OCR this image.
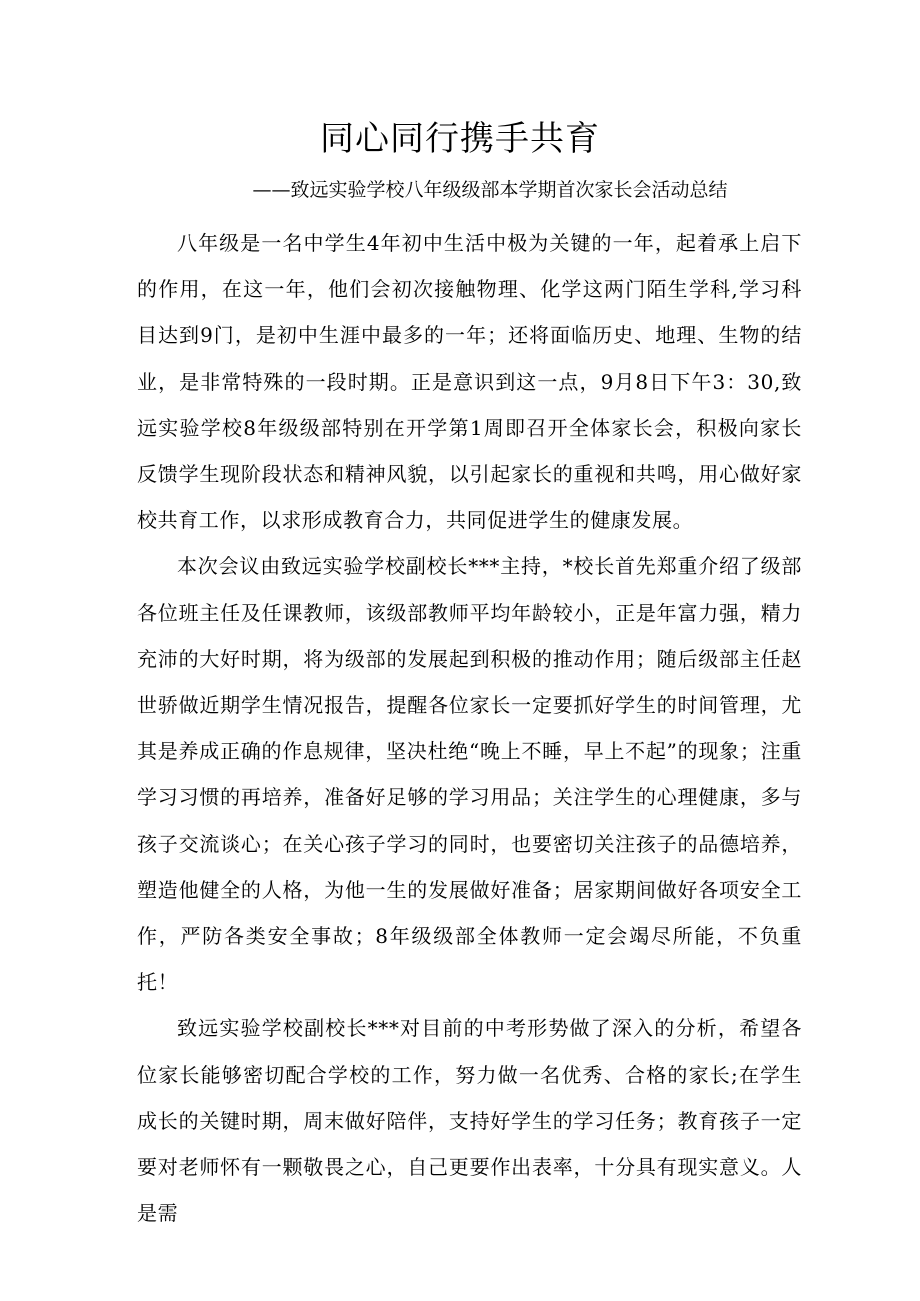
同心同行携手共育

——致远实验学校八年级级部本学期首次家长会活动总结

八年级是一名中学生4年初中生活中极为关键的一年，起着承上启下的作用，在这一年，他们会初次接触物理、化学这两门陌生学科,学习科目达到9门，是初中生涯中最多的一年；还将面临历史、地理、生物的结业，是非常特殊的一段时期。正是意识到这一点，9月8日下午3：30,致远实验学校8年级级部特别在开学第1周即召开全体家长会，积极向家长反馈学生现阶段状态和精神风貌，以引起家长的重视和共鸣，用心做好家校共育工作，以求形成教育合力，共同促进学生的健康发展。

本次会议由致远实验学校副校长***主持，*校长首先郑重介绍了级部各位班主任及任课教师，该级部教师平均年龄较小，正是年富力强，精力充沛的大好时期，将为级部的发展起到积极的推动作用；随后级部主任赵世骄做近期学生情况报告，提醒各位家长一定要抓好学生的时间管理，尤其是养成正确的作息规律，坚决杜绝“晚上不睡，早上不起”的现象；注重学习习惯的再培养，准备好足够的学习用品；关注学生的心理健康，多与孩子交流谈心；在关心孩子学习的同时，也要密切关注孩子的品德培养，塑造他健全的人格，为他一生的发展做好准备；居家期间做好各项安全工作，严防各类安全事故；8年级级部全体教师一定会竭尽所能，不负重托！

致远实验学校副校长***对目前的中考形势做了深入的分析，希望各位家长能够密切配合学校的工作，努力做一名优秀、合格的家长;在学生成长的关键时期，周末做好陪伴，支持好学生的学习任务；教育孩子一定要对老师怀有一颗敬畏之心，自己更要作出表率，十分具有现实意义。人是需
